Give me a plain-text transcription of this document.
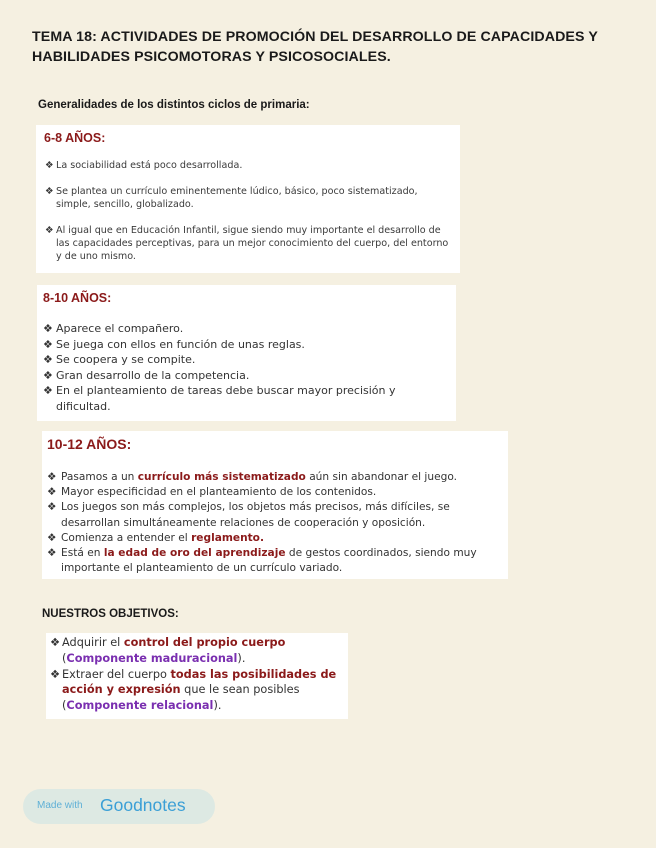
TEMA 18: ACTIVIDADES DE PROMOCIÓN DEL DESARROLLO DE CAPACIDADES Y HABILIDADES PSICOMOTORAS Y PSICOSOCIALES.
Generalidades de los distintos ciclos de primaria:
6-8 AÑOS:
❖ La sociabilidad está poco desarrollada.
❖ Se plantea un currículo eminentemente lúdico, básico, poco sistematizado, simple, sencillo, globalizado.
❖ Al igual que en Educación Infantil, sigue siendo muy importante el desarrollo de las capacidades perceptivas, para un mejor conocimiento del cuerpo, del entorno y de uno mismo.
8-10 AÑOS:
❖ Aparece el compañero.
❖ Se juega con ellos en función de unas reglas.
❖ Se coopera y se compite.
❖ Gran desarrollo de la competencia.
❖ En el planteamiento de tareas debe buscar mayor precisión y dificultad.
10-12 AÑOS:
❖ Pasamos a un currículo más sistematizado aún sin abandonar el juego.
❖ Mayor especificidad en el planteamiento de los contenidos.
❖ Los juegos son más complejos, los objetos más precisos, más difíciles, se desarrollan simultáneamente relaciones de cooperación y oposición.
❖ Comienza a entender el reglamento.
❖ Está en la edad de oro del aprendizaje de gestos coordinados, siendo muy importante el planteamiento de un currículo variado.
NUESTROS OBJETIVOS:
❖ Adquirir el control del propio cuerpo (Componente maduracional).
❖ Extraer del cuerpo todas las posibilidades de acción y expresión que le sean posibles (Componente relacional).
Made with Goodnotes
